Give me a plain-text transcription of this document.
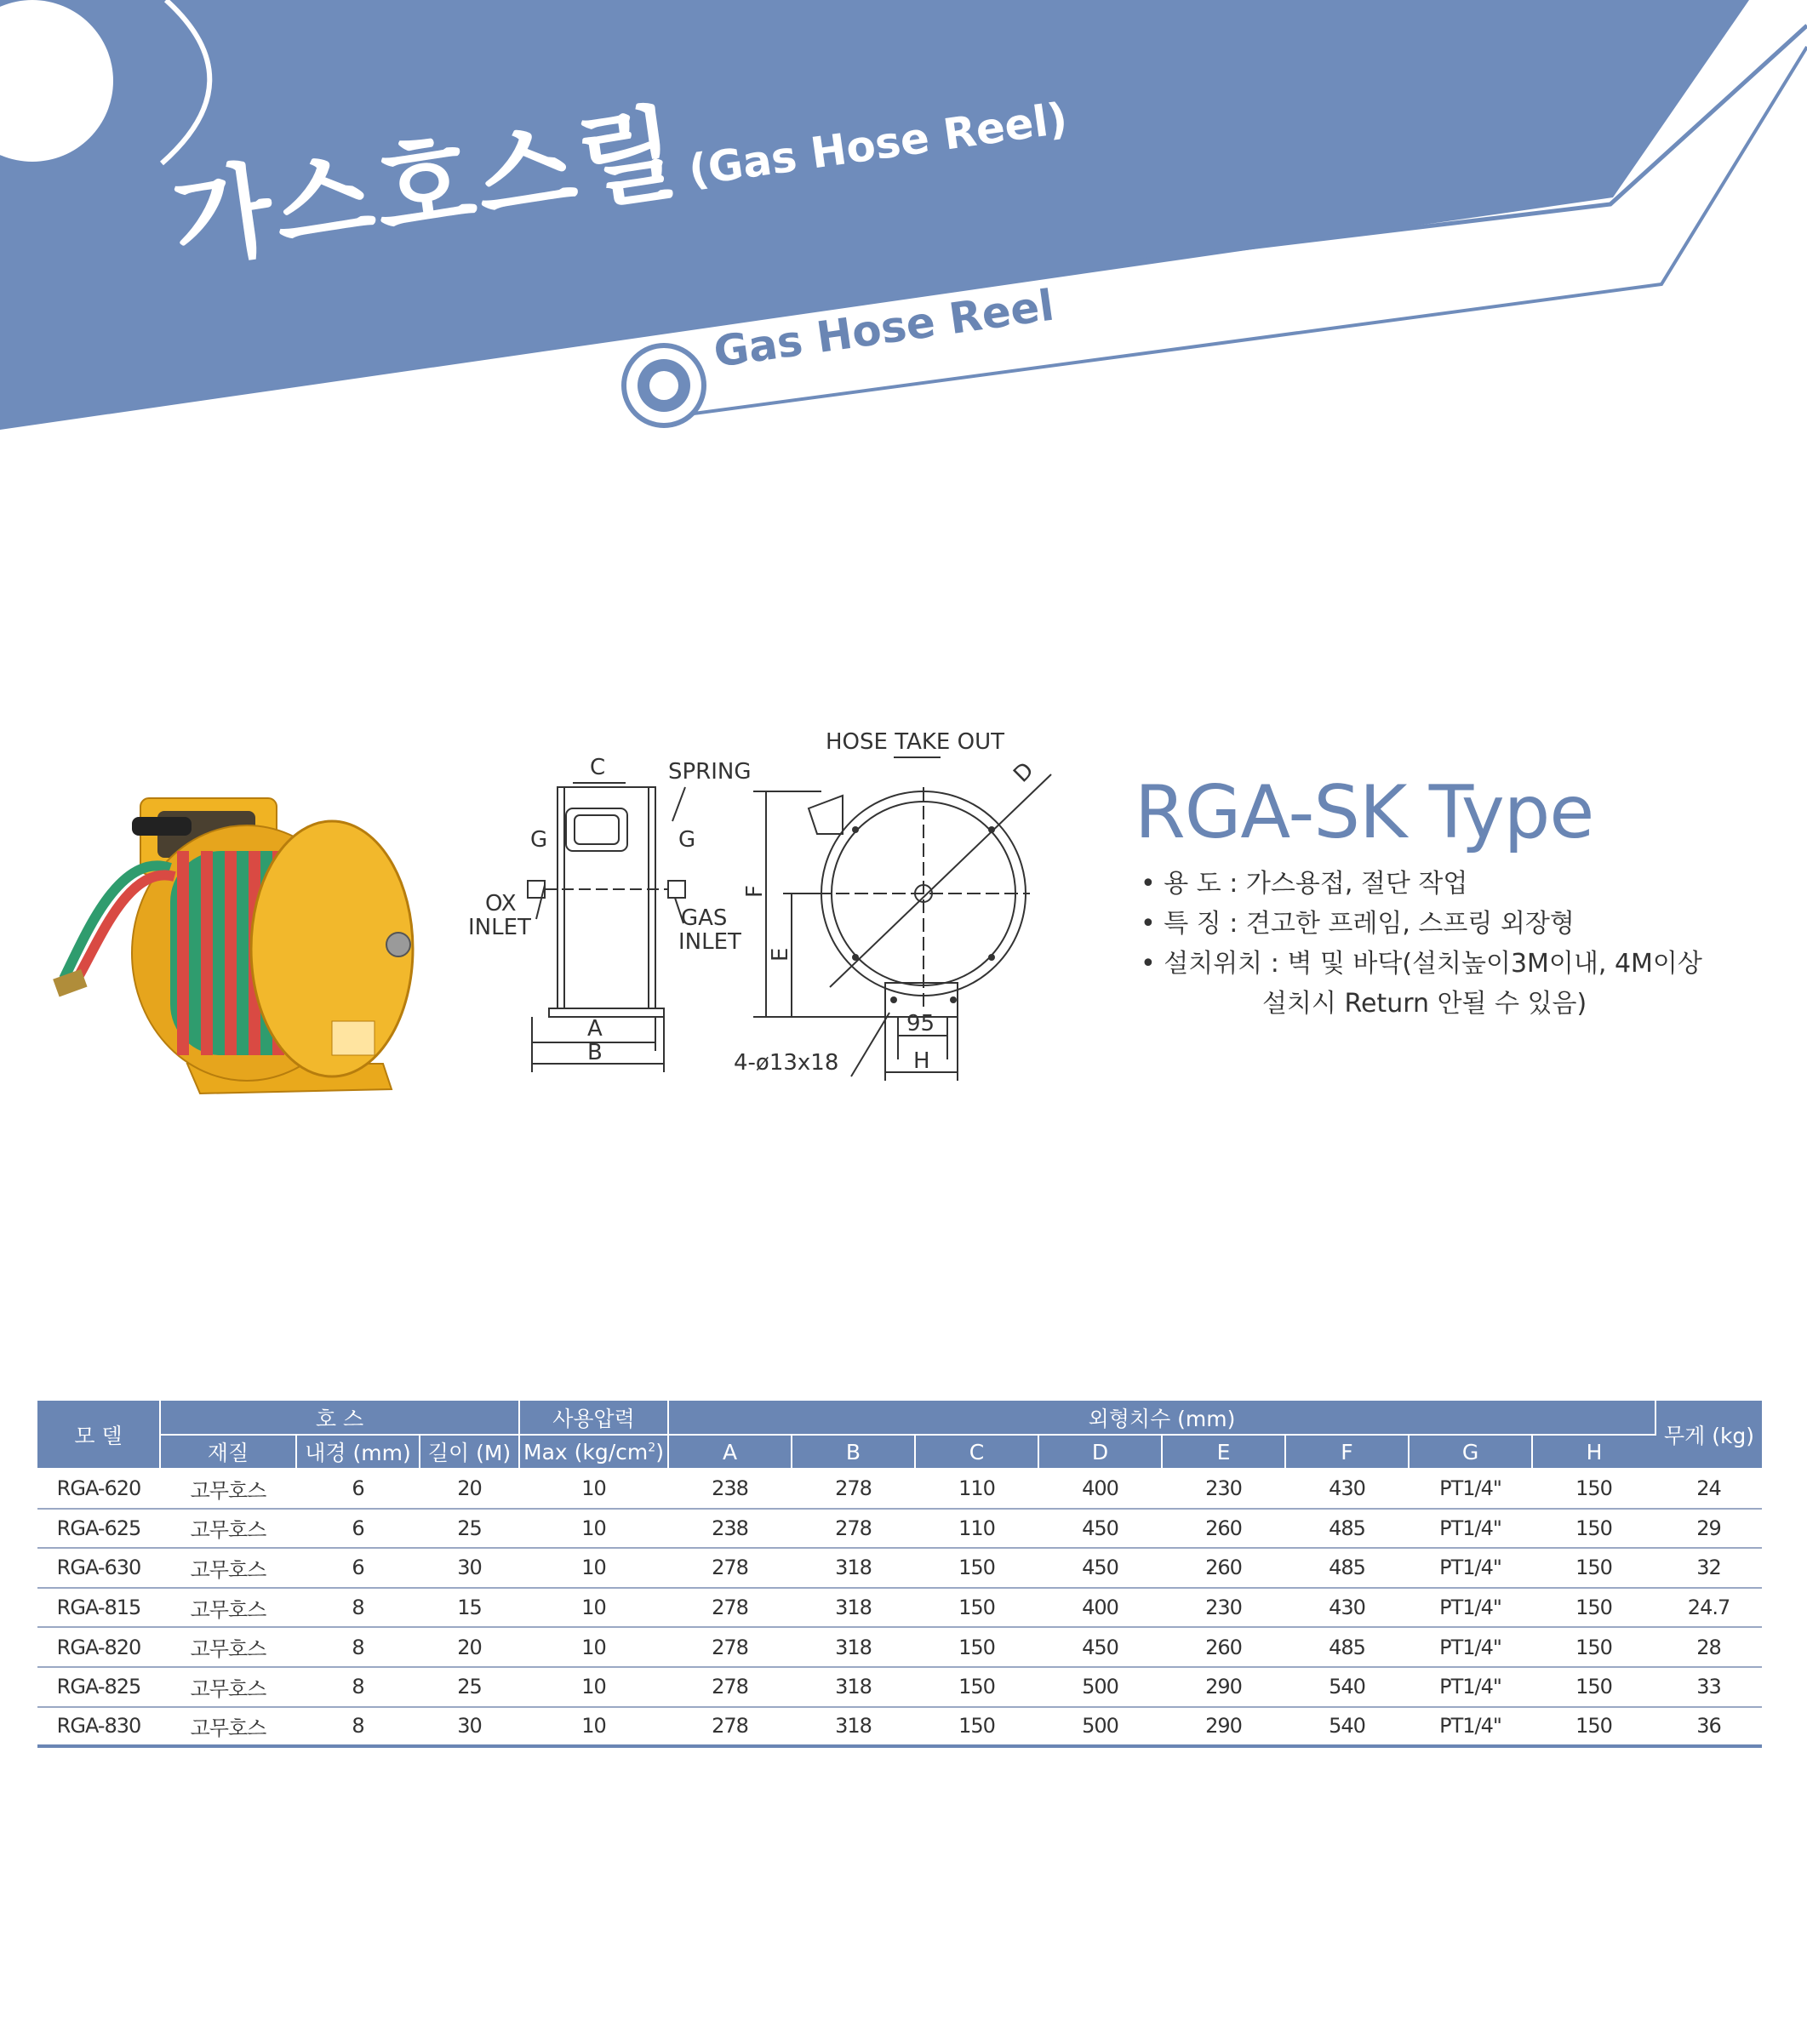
가스호스릴(Gas Hose Reel)
Gas Hose Reel
C	SPRING
G	G
OX
INLET	GAS
INLET
A
B
HOSE TAKE OUT
D
F
E
95
H
4-ø13x18
RGA-SK Type
• 용 도 : 가스용접, 절단 작업
• 특 징 : 견고한 프레임, 스프링 외장형
• 설치위치 : 벽 및 바닥(설치높이3M이내, 4M이상
설치시 Return 안될 수 있음)
모 델	호 스			사용압력	외형치수 (mm)								무게 (kg)
	재질	내경 (mm)	길이 (M)	Max $(kg/cm^2)$	A	B	C	D	E	F	G	H	
RGA-620	고무호스	6	20	10	238	278	110	400	230	430	PT1/4"	150	24
RGA-625	고무호스	6	25	10	238	278	110	450	260	485	PT1/4"	150	29
RGA-630	고무호스	6	30	10	278	318	150	450	260	485	PT1/4"	150	32
RGA-815	고무호스	8	15	10	278	318	150	400	230	430	PT1/4"	150	24.7
RGA-820	고무호스	8	20	10	278	318	150	450	260	485	PT1/4"	150	28
RGA-825	고무호스	8	25	10	278	318	150	500	290	540	PT1/4"	150	33
RGA-830	고무호스	8	30	10	278	318	150	500	290	540	PT1/4"	150	36
